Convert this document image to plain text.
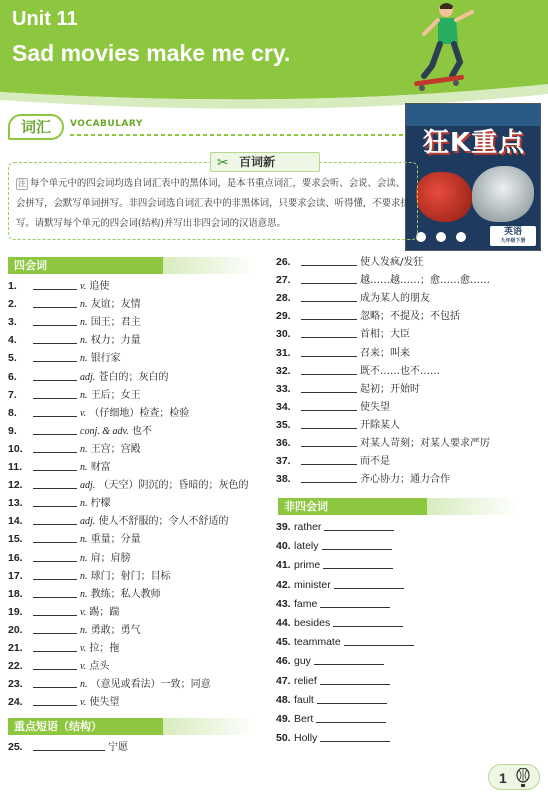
Unit 11
Sad movies make me cry.
词汇	VOCABULARY
狂K重点
英语
九年级下册
✂ 百词新
注 每个单元中的四会词均选自词汇表中的黑体词，是本书重点词汇，要求会听、会说、会读、会拼写，会默写单词拼写。非四会词选自词汇表中的非黑体词，只要求会读、听得懂，不要求拼写。请默写每个单元的四会词(结构)并写出非四会词的汉语意思。
四会词
重点短语（结构）
非四会词
1.	v. 追使
2.	n. 友谊；友情
3.	n. 国王；君主
4.	n. 权力；力量
5.	n. 银行家
6.	adj. 苍白的；灰白的
7.	n. 王后；女王
8.	v. （仔细地）检查；检验
9.	conj. & adv. 也不
10.	n. 王宫；宫殿
11.	n. 财富
12.	adj. （天空）阴沉的；昏暗的；灰色的
13.	n. 柠檬
14.	adj. 使人不舒服的；令人不舒适的
15.	n. 重量；分量
16.	n. 肩；肩膀
17.	n. 球门；射门；目标
18.	n. 教练；私人教师
19.	v. 踢；踹
20.	n. 勇敢；勇气
21.	v. 拉；拖
22.	v. 点头
23.	n. （意见或看法）一致；同意
24.	v. 使失望
25.	宁愿
26.	使人发疯/发狂
27.	越……越……；愈……愈……
28.	成为某人的朋友
29.	忽略；不提及；不包括
30.	首相；大臣
31.	召来；叫来
32.	既不……也不……
33.	起初；开始时
34.	使失望
35.	开除某人
36.	对某人苛刻；对某人要求严厉
37.	而不是
38.	齐心协力；通力合作
39. rather
40. lately
41. prime
42. minister
43. fame
44. besides
45. teammate
46. guy
47. relief
48. fault
49. Bert
50. Holly
1
